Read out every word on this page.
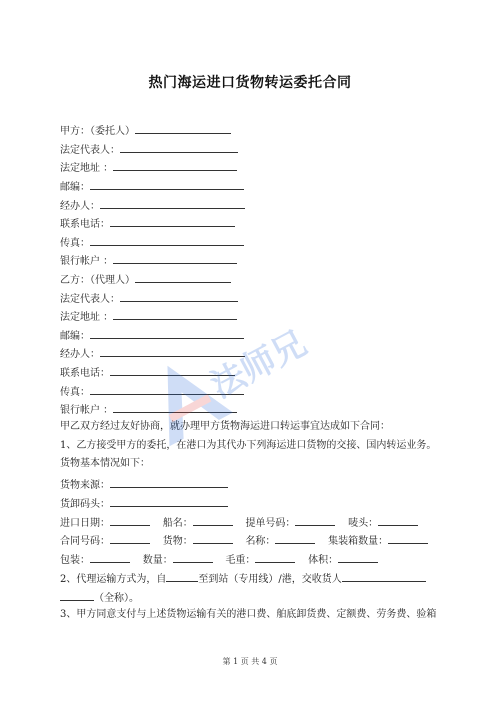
热门海运进口货物转运委托合同
甲方：（委托人）
法定代表人：
法定地址 ：
邮编：
经办人：
联系电话：
传真：
银行帐户 ：
乙方：（代理人）
法定代表人：
法定地址 ：
邮编：
经办人：
联系电话：
传真：
银行帐户 ：
甲乙双方经过友好协商，就办理甲方货物海运进口转运事宜达成如下合同：
1、乙方接受甲方的委托，在港口为其代办下列海运进口货物的交接、国内转运业务。
货物基本情况如下：
货物来源：
货卸码头：
进口日期：	船名：	提单号码：	唛头：
合同号码：	货物：	名称：	集装箱数量：
包装：	数量：	毛重：	体积：
2、代理运输方式为，自	至到站（专用线）/港，交收货人
（全称）。
3、甲方同意支付与上述货物运输有关的港口费、舶底卸货费、定额费、劳务费、验箱
第 1 页 共 4 页
法师兄
